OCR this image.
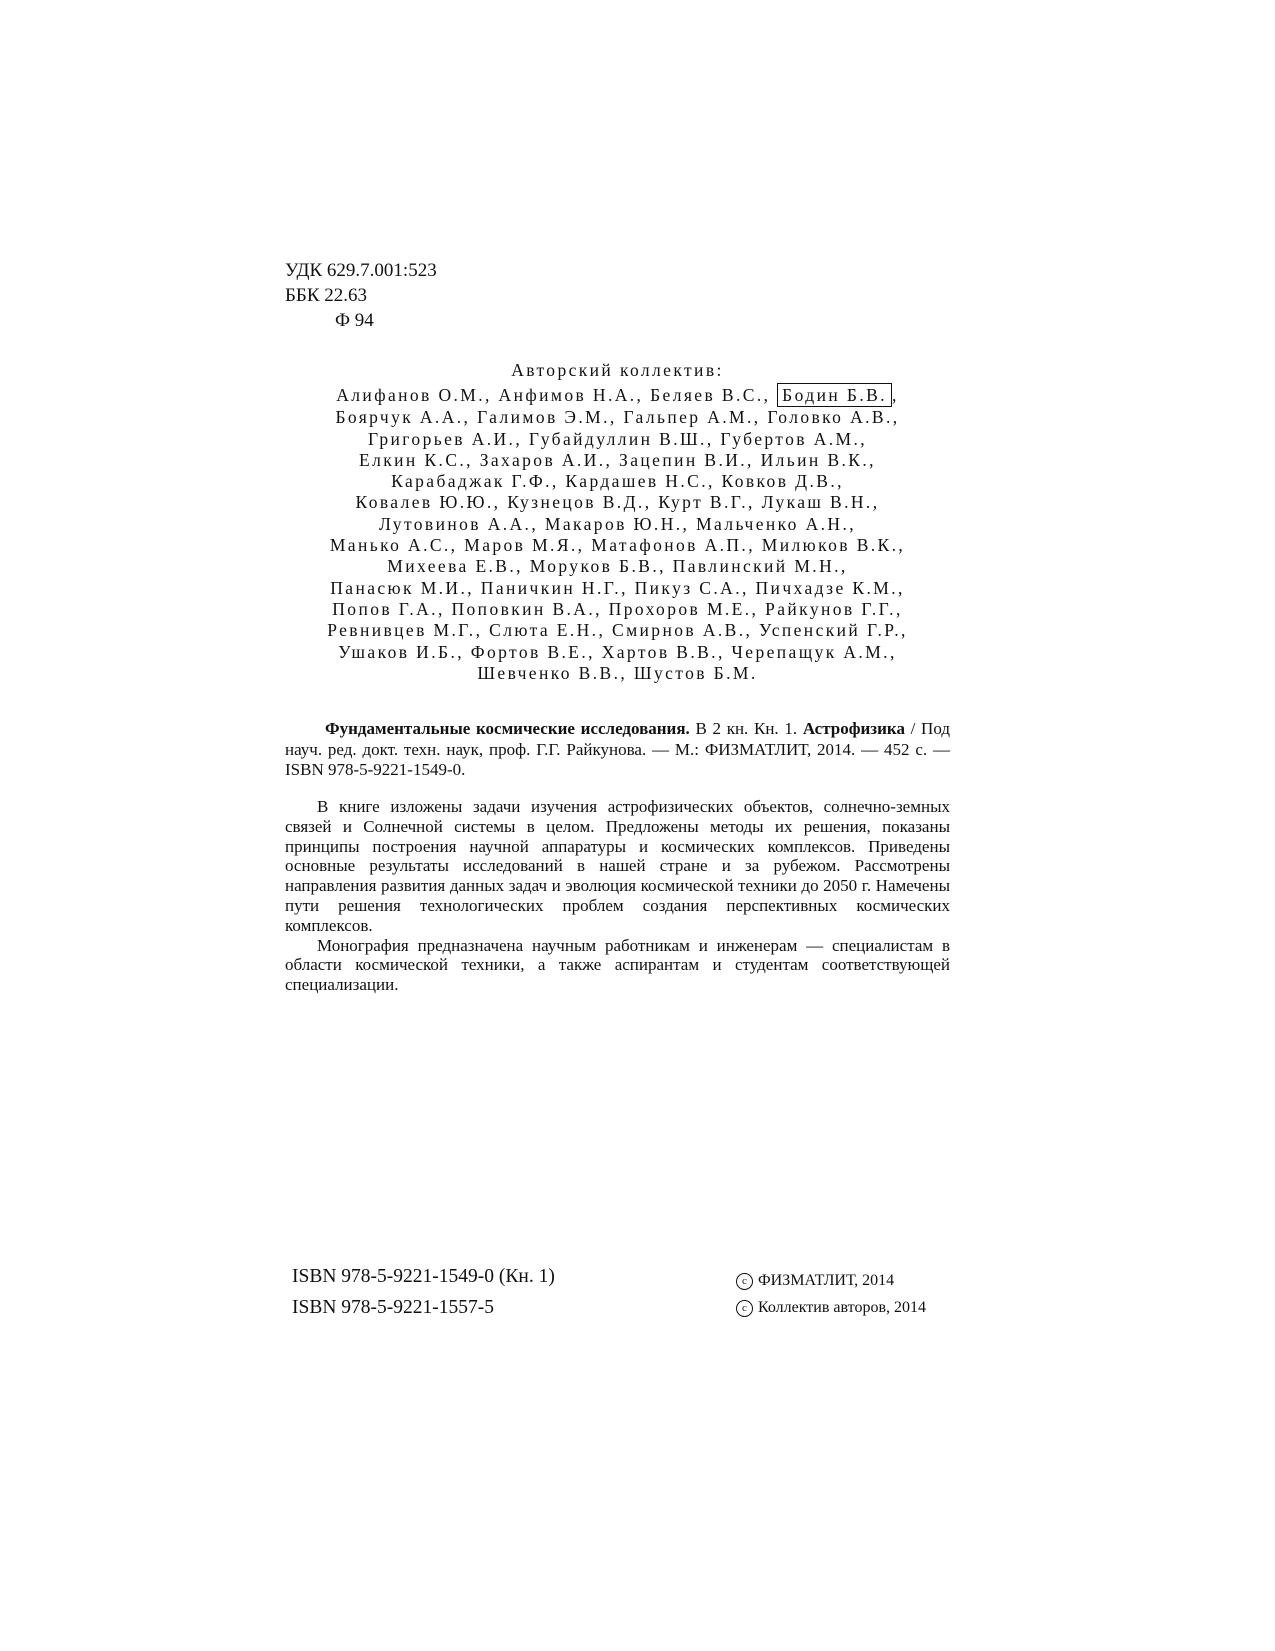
УДК 629.7.001:523
ББК 22.63
Ф 94
Авторский коллектив:
Алифанов О.М., Анфимов Н.А., Беляев В.С., Бодин Б.В. ,
Боярчук А.А., Галимов Э.М., Гальпер А.М., Головко А.В.,
Григорьев А.И., Губайдуллин В.Ш., Губертов А.М.,
Елкин К.С., Захаров А.И., Зацепин В.И., Ильин В.К.,
Карабаджак Г.Ф., Кардашев Н.С., Ковков Д.В.,
Ковалев Ю.Ю., Кузнецов В.Д., Курт В.Г., Лукаш В.Н.,
Лутовинов А.А., Макаров Ю.Н., Мальченко А.Н.,
Манько А.С., Маров М.Я., Матафонов А.П., Милюков В.К.,
Михеева Е.В., Моруков Б.В., Павлинский М.Н.,
Панасюк М.И., Паничкин Н.Г., Пикуз С.А., Пичхадзе К.М.,
Попов Г.А., Поповкин В.А., Прохоров М.Е., Райкунов Г.Г.,
Ревнивцев М.Г., Слюта Е.Н., Смирнов А.В., Успенский Г.Р.,
Ушаков И.Б., Фортов В.Е., Хартов В.В., Черепащук А.М.,
Шевченко В.В., Шустов Б.М.
Фундаментальные космические исследования. В 2 кн. Кн. 1. Астрофизика / Под науч. ред. докт. техн. наук, проф. Г.Г. Райкунова. — М.: ФИЗМАТЛИТ, 2014. — 452 с. — ISBN 978-5-9221-1549-0.

В книге изложены задачи изучения астрофизических объектов, солнечно-земных связей и Солнечной системы в целом. Предложены методы их решения, показаны принципы построения научной аппаратуры и космических комплексов. Приведены основные результаты исследований в нашей стране и за рубежом. Рассмотрены направления развития данных задач и эволюция космической техники до 2050 г. Намечены пути решения технологических проблем создания перспективных космических комплексов.

Монография предназначена научным работникам и инженерам — специалистам в области космической техники, а также аспирантам и студентам соответствующей специализации.

ISBN 978-5-9221-1549-0 (Кн. 1)
ISBN 978-5-9221-1557-5
c ФИЗМАТЛИТ, 2014
c Коллектив авторов, 2014
